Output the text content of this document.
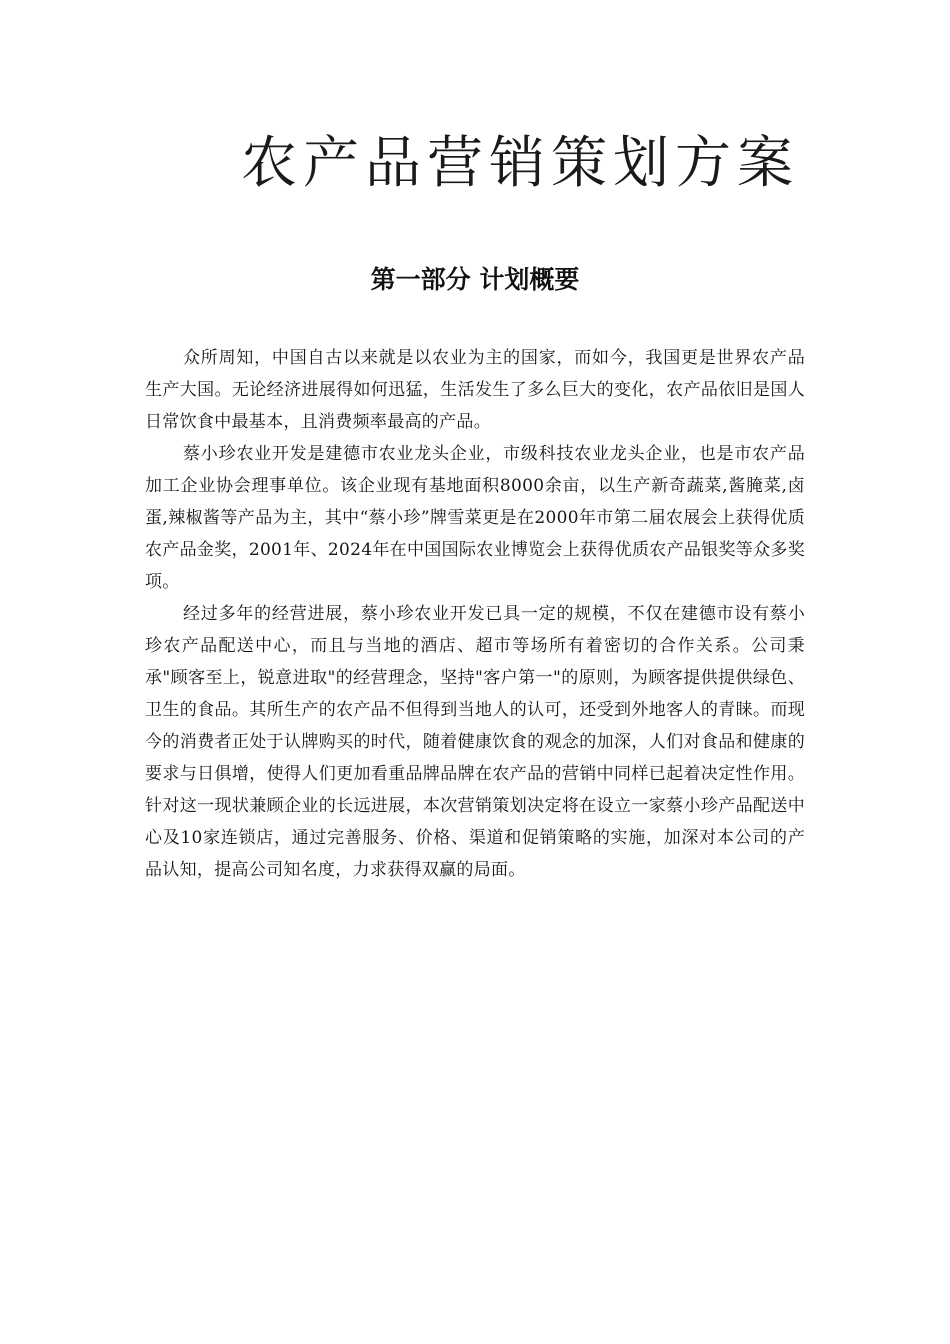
农产品营销策划方案
第一部分 计划概要

众所周知，中国自古以来就是以农业为主的国家，而如今，我国更是世界农产品生产大国。无论经济进展得如何迅猛，生活发生了多么巨大的变化，农产品依旧是国人日常饮食中最基本，且消费频率最高的产品。

蔡小珍农业开发是建德市农业龙头企业，市级科技农业龙头企业，也是市农产品加工企业协会理事单位。该企业现有基地面积8000余亩，以生产新奇蔬菜,酱腌菜,卤蛋,辣椒酱等产品为主，其中“蔡小珍”牌雪菜更是在2000年市第二届农展会上获得优质农产品金奖，2001年、2024年在中国国际农业博览会上获得优质农产品银奖等众多奖项。

经过多年的经营进展，蔡小珍农业开发已具一定的规模，不仅在建德市设有蔡小珍农产品配送中心，而且与当地的酒店、超市等场所有着密切的合作关系。公司秉承"顾客至上，锐意进取"的经营理念，坚持"客户第一"的原则，为顾客提供提供绿色、卫生的食品。其所生产的农产品不但得到当地人的认可，还受到外地客人的青睐。而现今的消费者正处于认牌购买的时代，随着健康饮食的观念的加深，人们对食品和健康的要求与日俱增，使得人们更加看重品牌品牌在农产品的营销中同样已起着决定性作用。针对这一现状兼顾企业的长远进展，本次营销策划决定将在设立一家蔡小珍产品配送中心及10家连锁店，通过完善服务、价格、渠道和促销策略的实施，加深对本公司的产品认知，提高公司知名度，力求获得双赢的局面。
